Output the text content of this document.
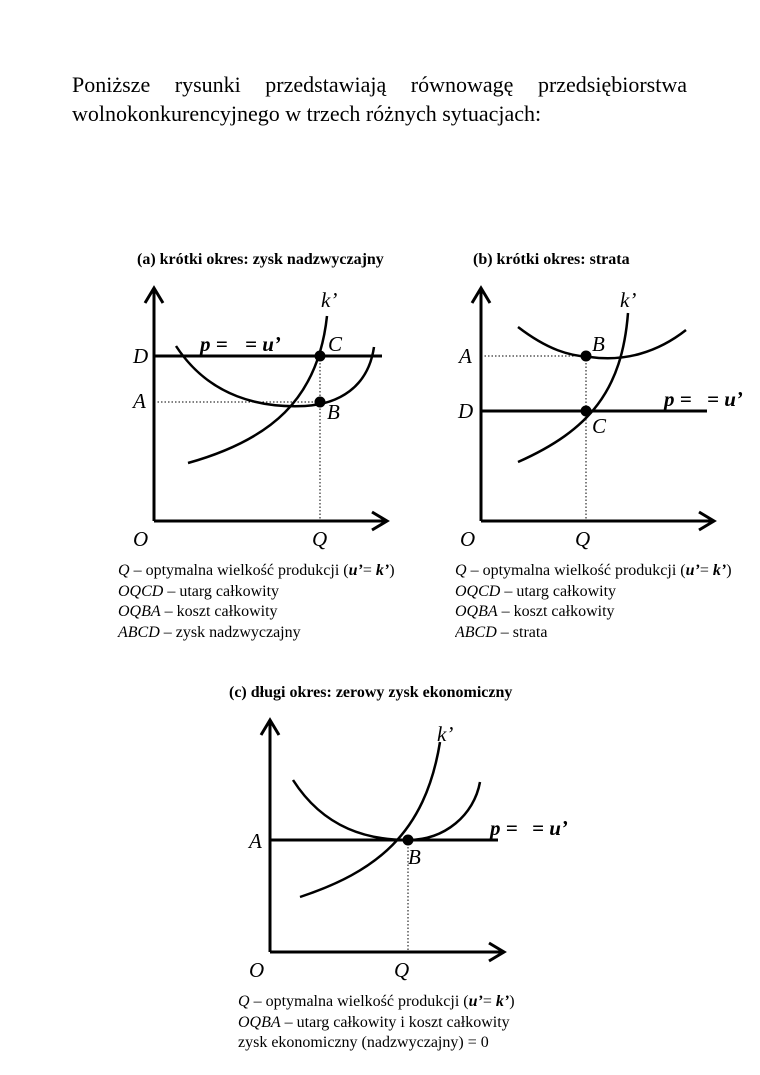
Poniższe rysunki przedstawiają równowagę przedsiębiorstwa wolnokonkurencyjnego w trzech różnych sytuacjach:
(a) krótki okres: zysk nadzwyczajny	(b) krótki okres: strata
(c) długi okres: zerowy zysk ekonomiczny
k’
p = = u’
D	C
A	B
O	Q
k’
A	B
p = = u’
D
C
O	Q
k’
p = = u’
A
B
O	Q
Q – optymalna wielkość produkcji (u’= k’)
OQCD – utarg całkowity
OQBA – koszt całkowity
ABCD – zysk nadzwyczajny
Q – optymalna wielkość produkcji (u’= k’)
OQCD – utarg całkowity
OQBA – koszt całkowity
ABCD – strata
Q – optymalna wielkość produkcji (u’= k’)
OQBA – utarg całkowity i koszt całkowity
zysk ekonomiczny (nadzwyczajny) = 0
